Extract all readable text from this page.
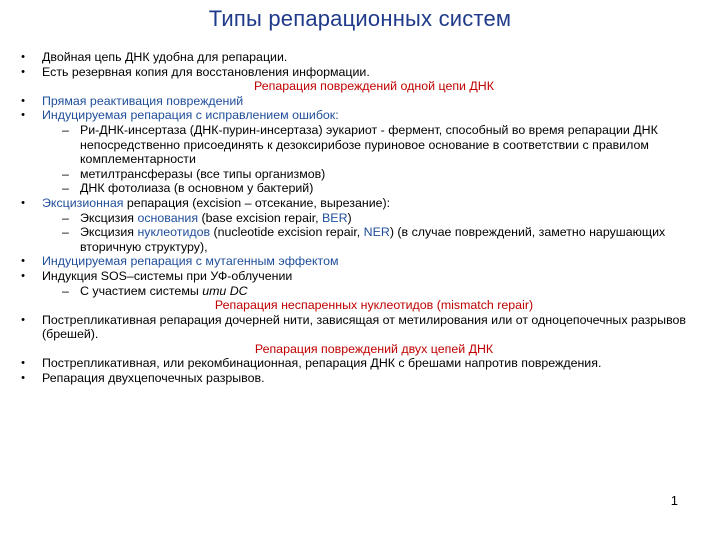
Типы репарационных систем
•	Двойная цепь ДНК удобна для репарации.
•	Есть резервная копия для восстановления информации.
Репарация повреждений одной цепи ДНК
•	Прямая реактивация повреждений
•	Индуцируемая репарация с исправлением ошибок:
– Ри-ДНК-инсертаза (ДНК-пурин-инсертаза) эукариот - фермент, способный во время репарации ДНК непосредственно присоединять к дезоксирибозе пуриновое основание в соответствии с правилом комплементарности
– метилтрансферазы (все типы организмов)
– ДНК фотолиаза (в основном у бактерий)
•	Эксцизионная репарация (excision – отсекание, вырезание):
– Эксцизия основания (base excision repair, BER)
– Эксцизия нуклеотидов (nucleotide excision repair, NER) (в случае повреждений, заметно нарушающих вторичную структуру),
•	Индуцируемая репарация с мутагенным эффектом
•	Индукция SOS–системы при УФ-облучении
– С участием системы umu DC
Репарация неспаренных нуклеотидов (mismatch repair)
•	Пострепликативная репарация дочерней нити, зависящая от метилирования или от одноцепочечных разрывов (брешей).
Репарация повреждений двух цепей ДНК
•	Пострепликативная, или рекомбинационная, репарация ДНК с брешами напротив повреждения.
•	Репарация двухцепочечных разрывов.
1
